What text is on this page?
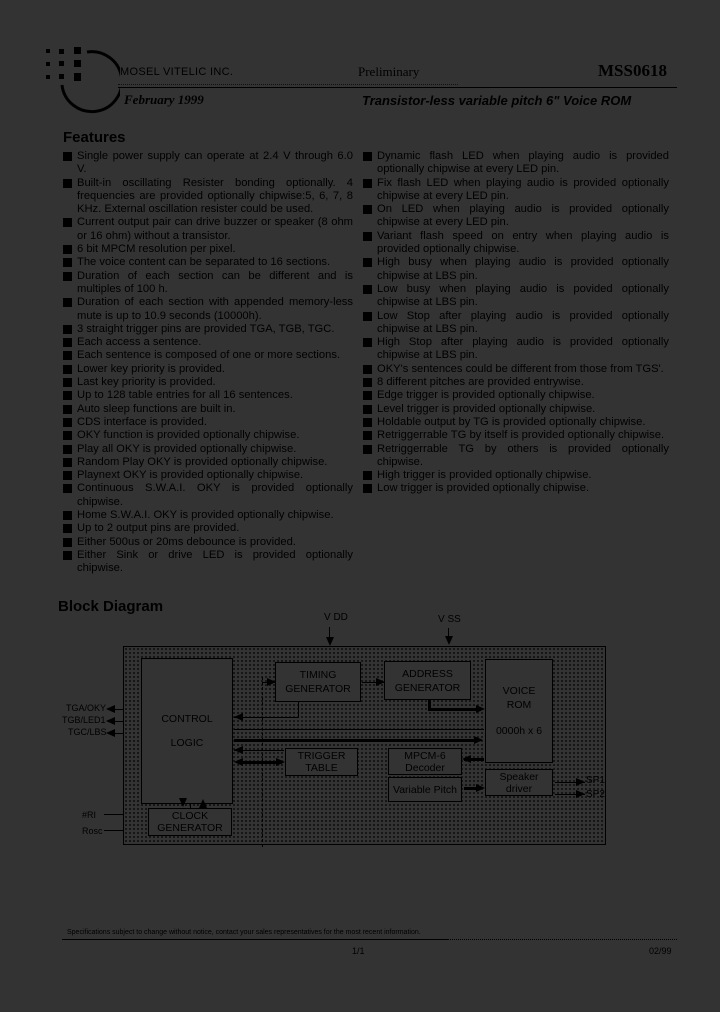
MOSEL VITELIC INC.	Preliminary	MSS0618
February 1999	Transistor-less variable pitch 6" Voice ROM
Features
Single power supply can operate at 2.4 V through 6.0 V.
Built-in oscillating Resister bonding optionally. 4 frequencies are provided optionally chipwise:5, 6, 7, 8 KHz. External oscillation resister could be used.
Current output pair can drive buzzer or speaker (8 ohm or 16 ohm) without a transistor.
6 bit MPCM resolution per pixel.
The voice content can be separated to 16 sections.
Duration of each section can be different and is multiples of 100 h.
Duration of each section with appended memory-less mute is up to 10.9 seconds (10000h).
3 straight trigger pins are provided TGA, TGB, TGC.
Each access a sentence.
Each sentence is composed of one or more sections.
Lower key priority is provided.
Last key priority is provided.
Up to 128 table entries for all 16 sentences.
Auto sleep functions are built in.
CDS interface is provided.
OKY function is provided optionally chipwise.
Play all OKY is provided optionally chipwise.
Random Play OKY is provided optionally chipwise.
Playnext OKY is provided optionally chipwise.
Continuous S.W.A.I. OKY is provided optionally chipwise.
Home S.W.A.I. OKY is provided optionally chipwise.
Up to 2 output pins are provided.
Either 500us or 20ms debounce is provided.
Either Sink or drive LED is provided optionally chipwise.
Dynamic flash LED when playing audio is provided optionally chipwise at every LED pin.
Fix flash LED when playing audio is provided optionally chipwise at every LED pin.
On LED when playing audio is provided optionally chipwise at every LED pin.
Variant flash speed on entry when playing audio is provided optionally chipwise.
High busy when playing audio is provided optionally chipwise at LBS pin.
Low busy when playing audio is povided optionally chipwise at LBS pin.
Low Stop after playing audio is provided optionally chipwise at LBS pin.
High Stop after playing audio is provided optionally chipwise at LBS pin.
OKY's sentences could be different from those from TGS'.
8 different pitches are provided entrywise.
Edge trigger is provided optionally chipwise.
Level trigger is provided optionally chipwise.
Holdable output by TG is provided optionally chipwise.
Retriggerrable TG by itself is provided optionally chipwise.
Retriggerrable TG by others is provided optionally chipwise.
High trigger is provided optionally chipwise.
Low trigger is provided optionally chipwise.
Block Diagram
V DD	V SS
TGA/OKY
TGB/LED1
TGC/LBS
#RI
Rosc
CONTROL
LOGIC
TIMING
GENERATOR
ADDRESS
GENERATOR	VOICE
ROM
0000h x 6
TRIGGER
TABLE
MPCM-6
Decoder
Variable Pitch
Speaker
driver
CLOCK
GENERATOR
SP1
SP2
Specifications subject to change without notice, contact your sales representatives for the most recent information.
1/1	02/99
